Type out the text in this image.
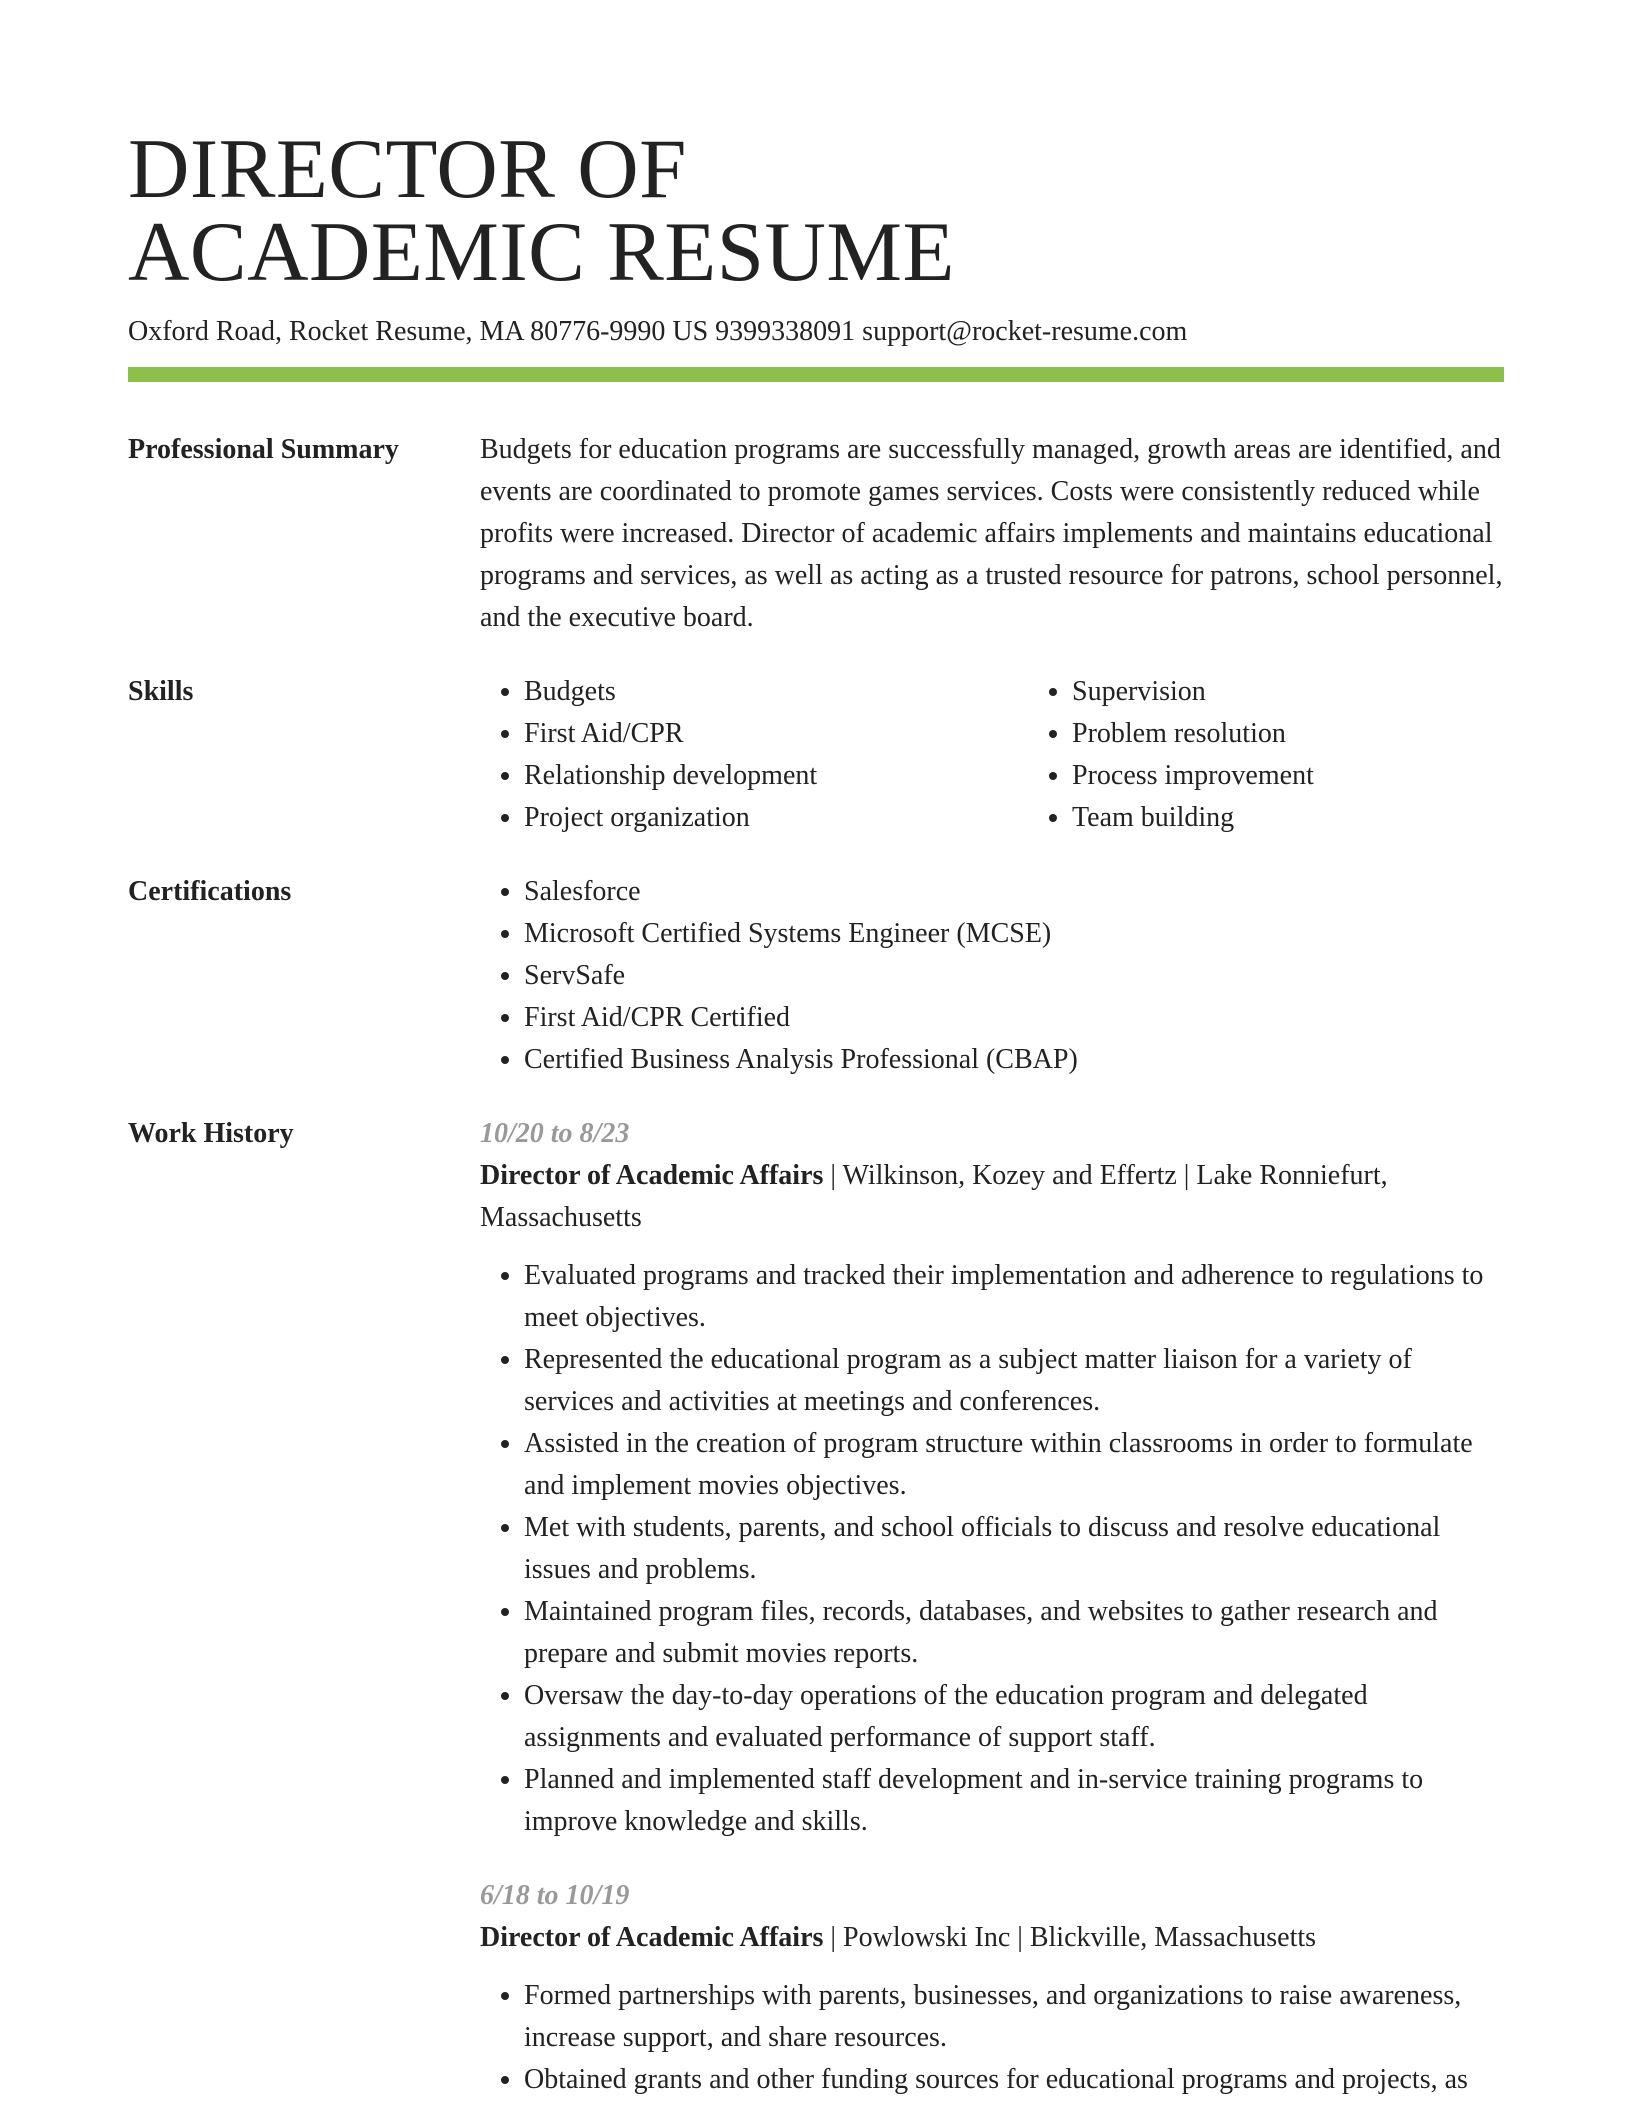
DIRECTOR OF
ACADEMIC RESUME
Oxford Road, Rocket Resume, MA 80776-9990 US 9399338091 support@rocket-resume.com
Professional Summary	Budgets for education programs are successfully managed, growth areas are identified, and events are coordinated to promote games services. Costs were consistently reduced while profits were increased. Director of academic affairs implements and maintains educational programs and services, as well as acting as a trusted resource for patrons, school personnel, and the executive board.

Skills	• Budgets
• First Aid/CPR
• Relationship development
• Project organization
• Supervision
• Problem resolution
• Process improvement
• Team building
Certifications	• Salesforce
• Microsoft Certified Systems Engineer (MCSE)
• ServSafe
• First Aid/CPR Certified
• Certified Business Analysis Professional (CBAP)
Work History	10/20 to 8/23
Director of Academic Affairs | Wilkinson, Kozey and Effertz | Lake Ronniefurt, Massachusetts
• Evaluated programs and tracked their implementation and adherence to regulations to meet objectives.
• Represented the educational program as a subject matter liaison for a variety of services and activities at meetings and conferences.
• Assisted in the creation of program structure within classrooms in order to formulate and implement movies objectives.
• Met with students, parents, and school officials to discuss and resolve educational issues and problems.
• Maintained program files, records, databases, and websites to gather research and prepare and submit movies reports.
• Oversaw the day-to-day operations of the education program and delegated assignments and evaluated performance of support staff.
• Planned and implemented staff development and in-service training programs to improve knowledge and skills.
6/18 to 10/19
Director of Academic Affairs | Powlowski Inc | Blickville, Massachusetts
• Formed partnerships with parents, businesses, and organizations to raise awareness, increase support, and share resources.
• Obtained grants and other funding sources for educational programs and projects, as
